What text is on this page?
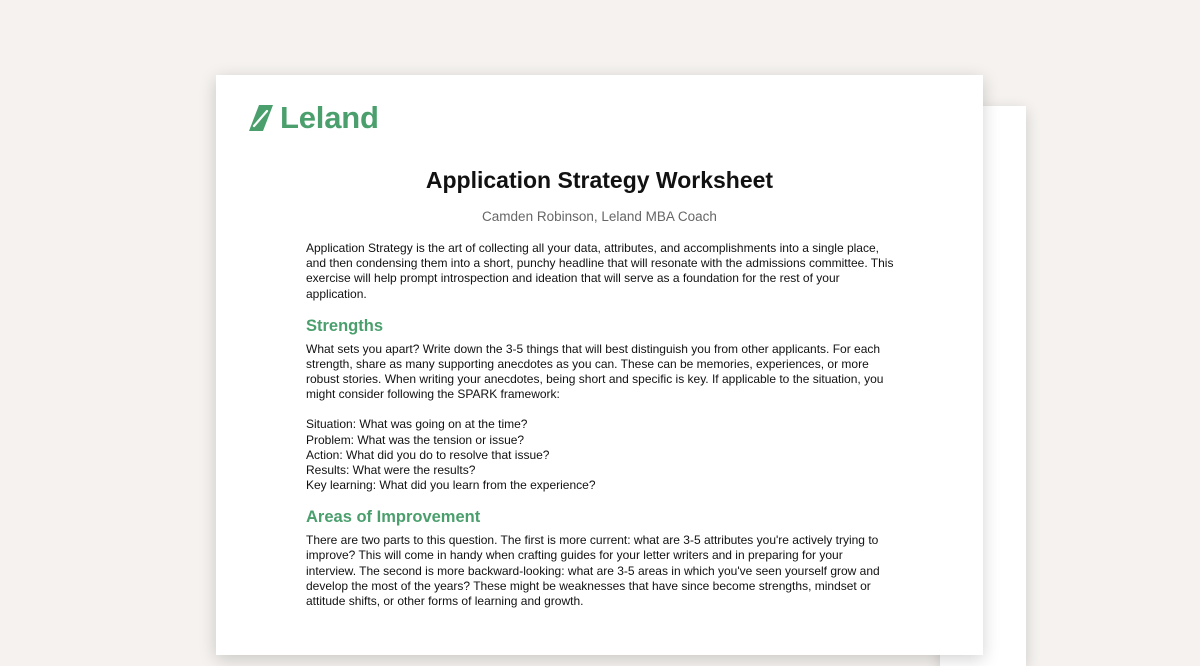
Leland
Application Strategy Worksheet

Camden Robinson, Leland MBA Coach

Application Strategy is the art of collecting all your data, attributes, and accomplishments into a single place, and then condensing them into a short, punchy headline that will resonate with the admissions committee. This exercise will help prompt introspection and ideation that will serve as a foundation for the rest of your application.

Strengths

What sets you apart? Write down the 3-5 things that will best distinguish you from other applicants. For each strength, share as many supporting anecdotes as you can. These can be memories, experiences, or more robust stories. When writing your anecdotes, being short and specific is key. If applicable to the situation, you might consider following the SPARK framework:

Situation: What was going on at the time?
Problem: What was the tension or issue?
Action: What did you do to resolve that issue?
Results: What were the results?
Key learning: What did you learn from the experience?
Areas of Improvement

There are two parts to this question. The first is more current: what are 3-5 attributes you're actively trying to improve? This will come in handy when crafting guides for your letter writers and in preparing for your interview. The second is more backward-looking: what are 3-5 areas in which you've seen yourself grow and develop the most of the years? These might be weaknesses that have since become strengths, mindset or attitude shifts, or other forms of learning and growth.
